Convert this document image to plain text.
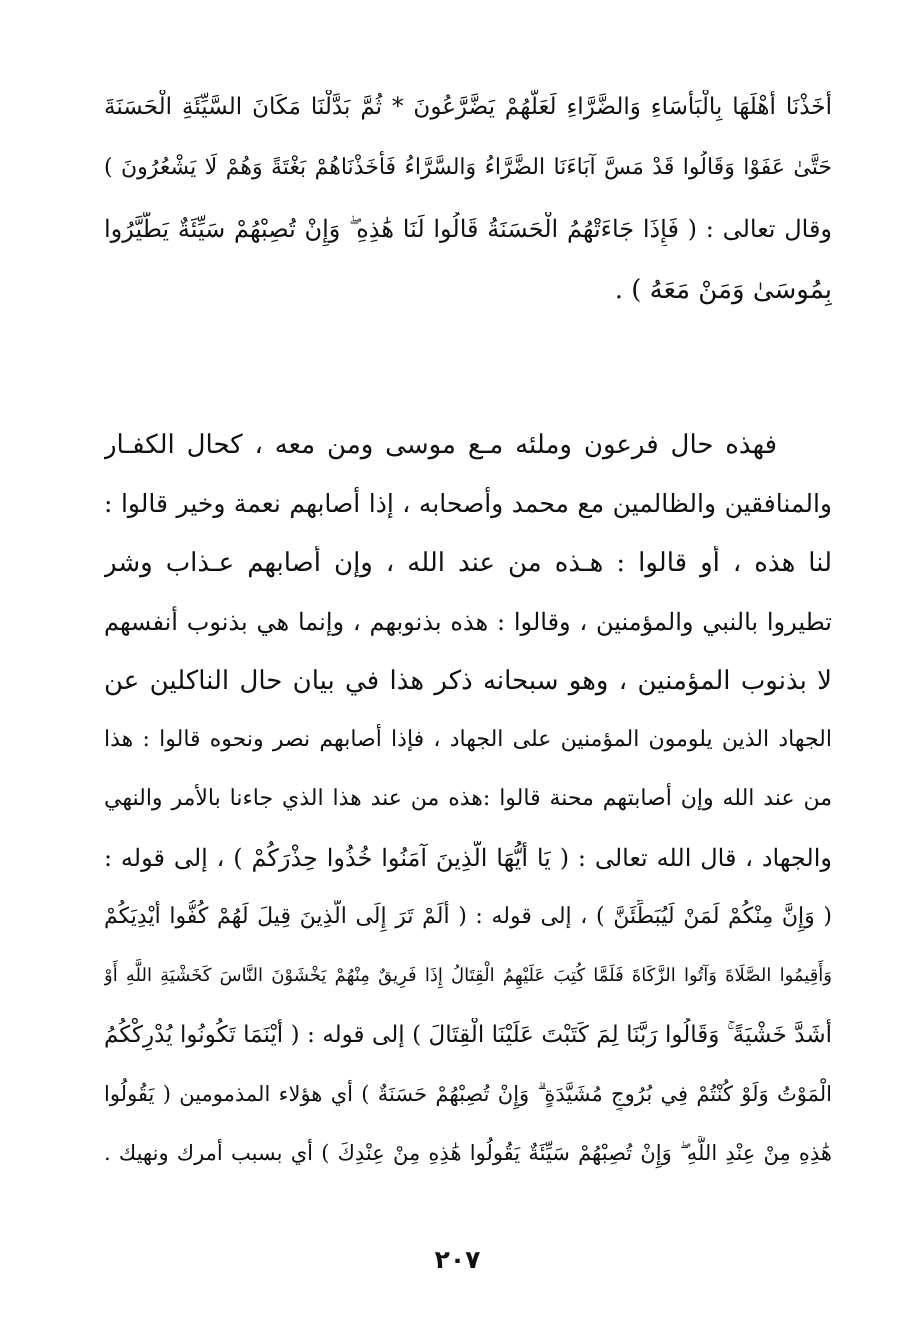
أَخَذْنَا أَهْلَهَا بِالْبَأْسَاءِ وَالضَّرَّاءِ لَعَلَّهُمْ يَضَّرَّعُونَ * ثُمَّ بَدَّلْنَا مَكَانَ السَّيِّئَةِ الْحَسَنَةَ

حَتَّىٰ عَفَوْا وَقَالُوا قَدْ مَسَّ آبَاءَنَا الضَّرَّاءُ وَالسَّرَّاءُ فَأَخَذْنَاهُمْ بَغْتَةً وَهُمْ لَا يَشْعُرُونَ )

وقال تعالى : ( فَإِذَا جَاءَتْهُمُ الْحَسَنَةُ قَالُوا لَنَا هَٰذِهِ ۖ وَإِنْ تُصِبْهُمْ سَيِّئَةٌ يَطَّيَّرُوا

بِمُوسَىٰ وَمَنْ مَعَهُ ) .

فهذه حال فرعون وملئه مـع موسى ومن معه ، كحال الكفـار

والمنافقين والظالمين مع محمد وأصحابه ، إذا أصابهم نعمة وخير قالوا :

لنا هذه ، أو قالوا : هـذه من عند الله ، وإن أصابهم عـذاب وشر

تطيروا بالنبي والمؤمنين ، وقالوا : هذه بذنوبهم ، وإنما هي بذنوب أنفسهم

لا بذنوب المؤمنين ، وهو سبحانه ذكر هذا في بيان حال الناكلين عن

الجهاد الذين يلومون المؤمنين على الجهاد ، فإذا أصابهم نصر ونحوه قالوا : هذا

من عند الله وإن أصابتهم محنة قالوا :هذه من عند هذا الذي جاءنا بالأمر والنهي

والجهاد ، قال الله تعالى : ( يَا أَيُّهَا الَّذِينَ آمَنُوا خُذُوا حِذْرَكُمْ ) ، إلى قوله :

( وَإِنَّ مِنْكُمْ لَمَنْ لَيُبَطِّئَنَّ ) ، إلى قوله : ( أَلَمْ تَرَ إِلَى الَّذِينَ قِيلَ لَهُمْ كُفُّوا أَيْدِيَكُمْ

وَأَقِيمُوا الصَّلَاةَ وَآتُوا الزَّكَاةَ فَلَمَّا كُتِبَ عَلَيْهِمُ الْقِتَالُ إِذَا فَرِيقٌ مِنْهُمْ يَخْشَوْنَ النَّاسَ كَخَشْيَةِ اللَّهِ أَوْ

أَشَدَّ خَشْيَةً ۚ وَقَالُوا رَبَّنَا لِمَ كَتَبْتَ عَلَيْنَا الْقِتَالَ ) إلى قوله : ( أَيْنَمَا تَكُونُوا يُدْرِكْكُمُ

الْمَوْتُ وَلَوْ كُنْتُمْ فِي بُرُوجٍ مُشَيَّدَةٍ ۗ وَإِنْ تُصِبْهُمْ حَسَنَةٌ ) أي هؤلاء المذمومين ( يَقُولُوا

هَٰذِهِ مِنْ عِنْدِ اللَّهِ ۖ وَإِنْ تُصِبْهُمْ سَيِّئَةٌ يَقُولُوا هَٰذِهِ مِنْ عِنْدِكَ ) أي بسبب أمرك ونهيك .

٢٠٧
